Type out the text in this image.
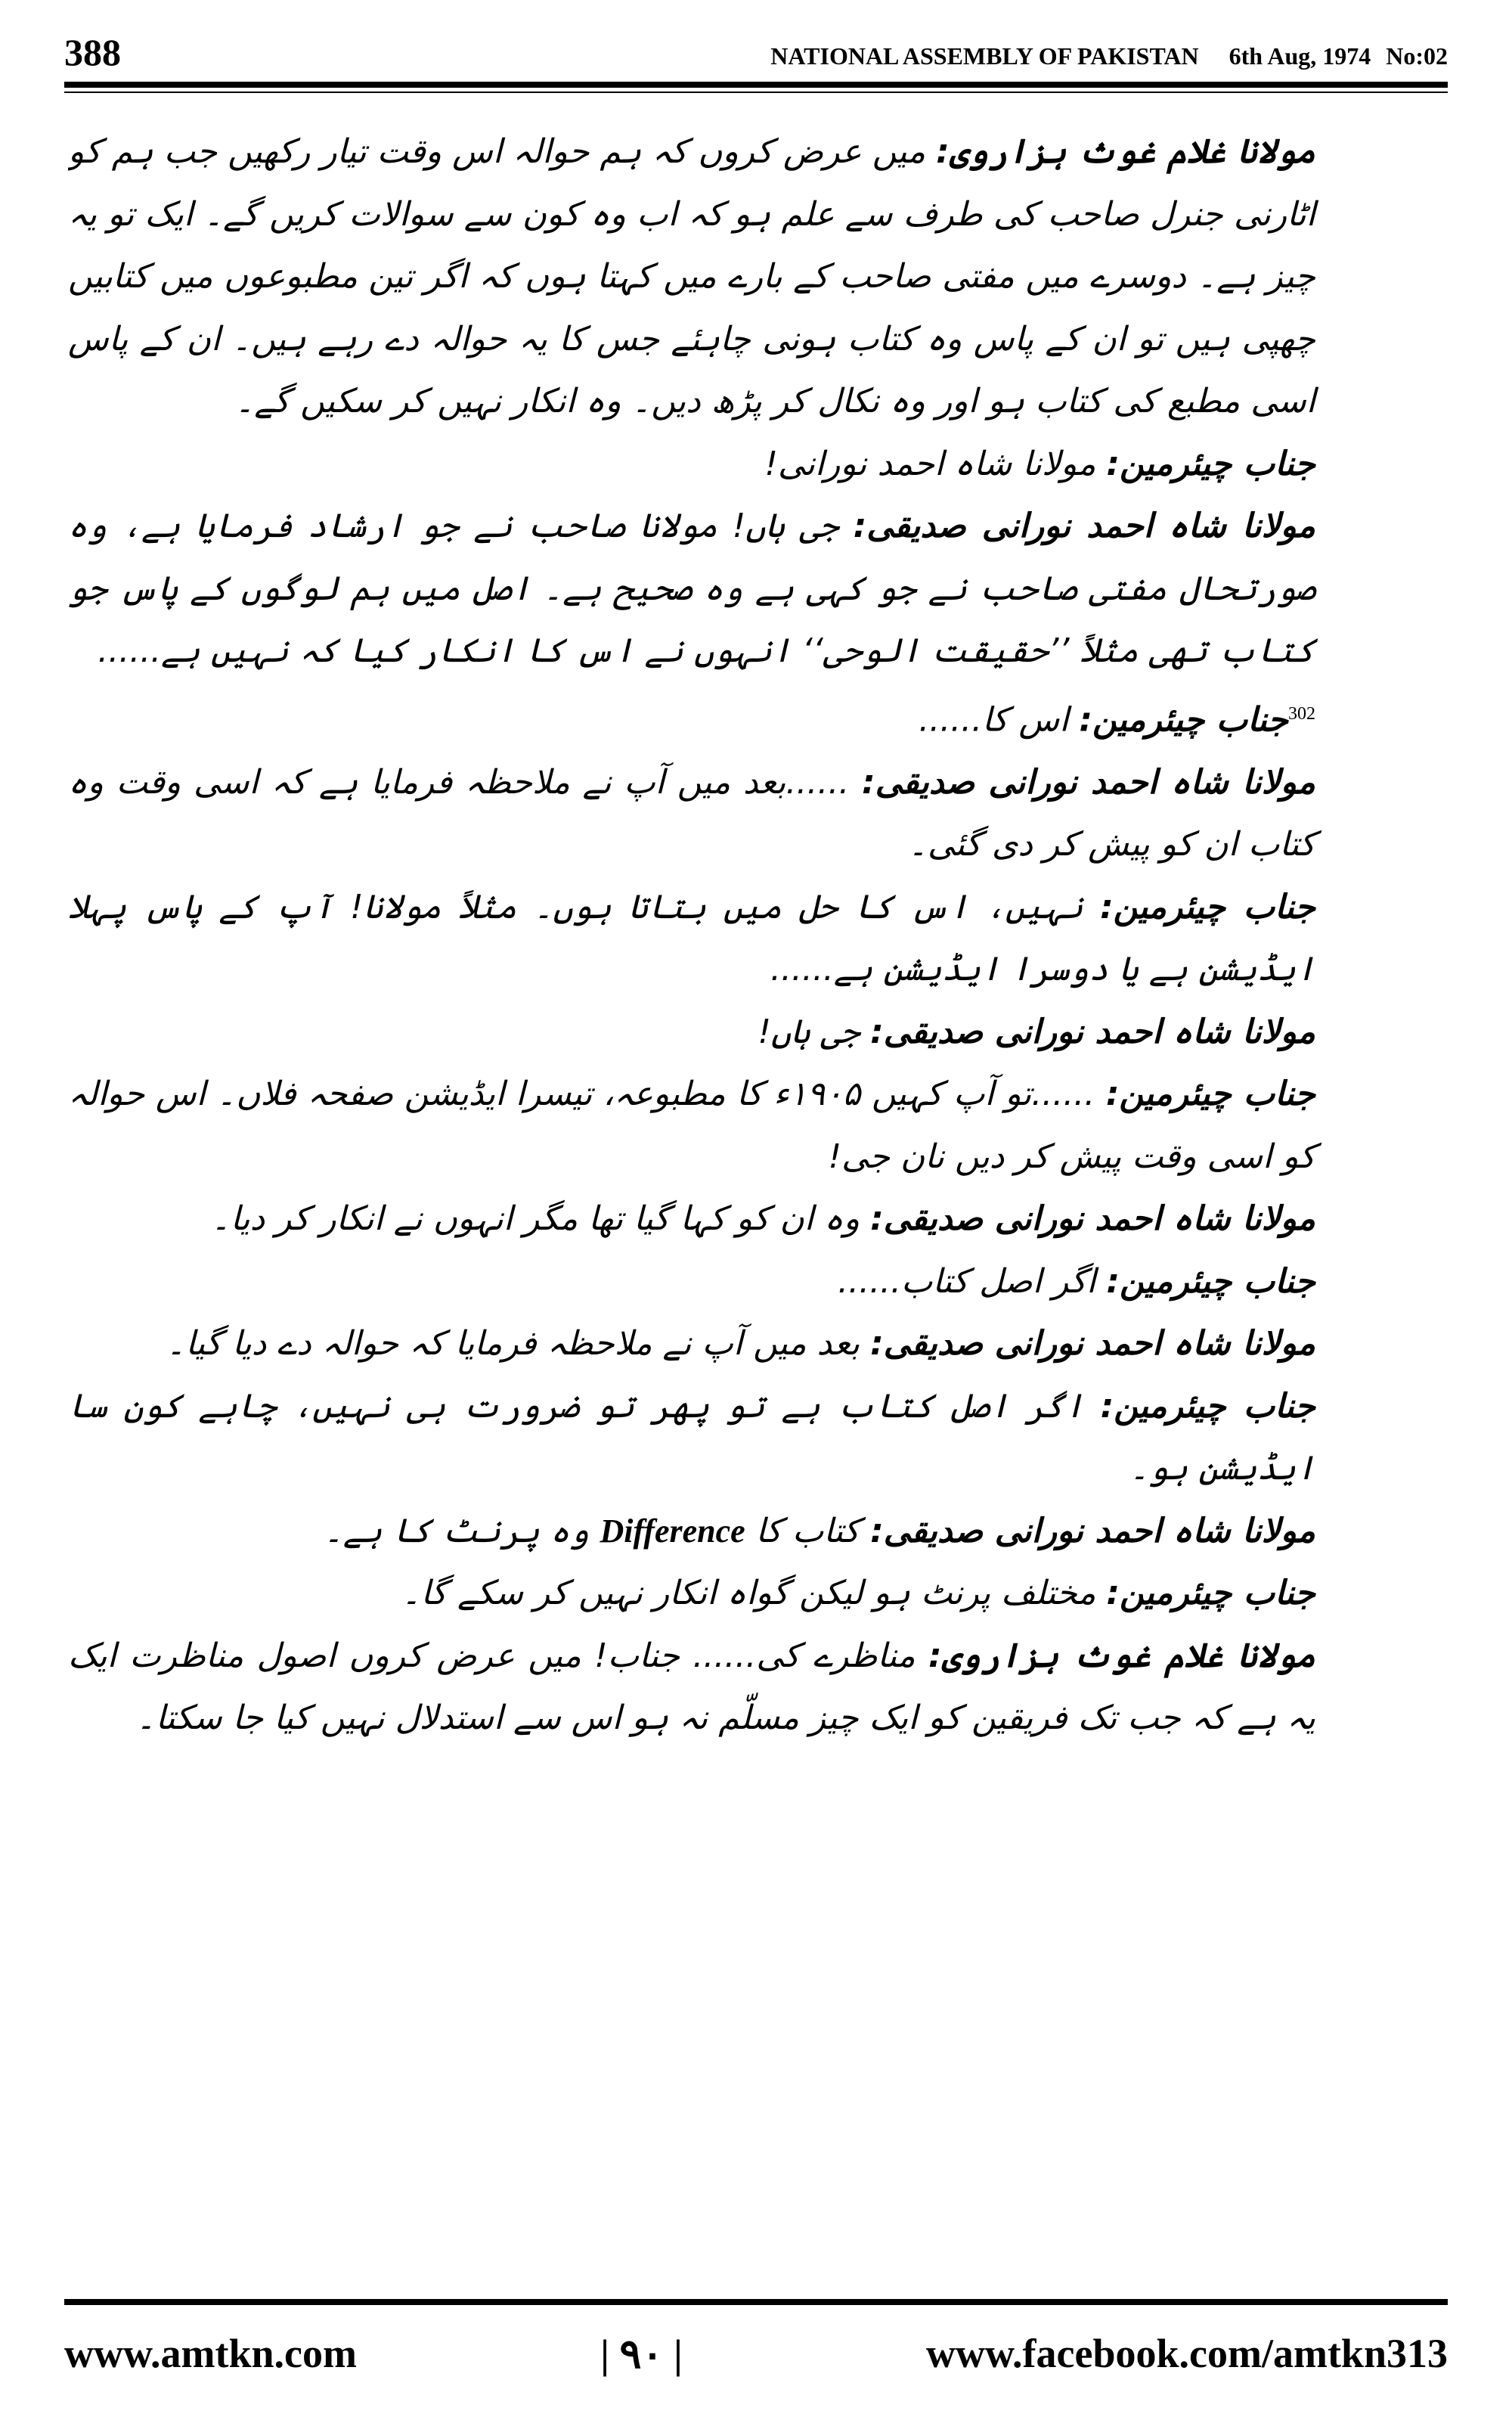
388	NATIONAL ASSEMBLY OF PAKISTAN 6th Aug, 1974 No:02

مولانا غلام غوث ہزاروی: میں عرض کروں کہ ہم حوالہ اس وقت تیار رکھیں جب ہم کو اٹارنی جنرل صاحب کی طرف سے علم ہو کہ اب وہ کون سے سوالات کریں گے۔ ایک تو یہ چیز ہے۔ دوسرے میں مفتی صاحب کے بارے میں کہتا ہوں کہ اگر تین مطبوعوں میں کتابیں چھپی ہیں تو ان کے پاس وہ کتاب ہونی چاہئے جس کا یہ حوالہ دے رہے ہیں۔ ان کے پاس اسی مطبع کی کتاب ہو اور وہ نکال کر پڑھ دیں۔ وہ انکار نہیں کر سکیں گے۔

جناب چیئرمین: مولانا شاہ احمد نورانی!

مولانا شاہ احمد نورانی صدیقی: جی ہاں! مولانا صاحب نے جو ارشاد فرمایا ہے، وہ صورتحال مفتی صاحب نے جو کہی ہے وہ صحیح ہے۔ اصل میں ہم لوگوں کے پاس جو کتاب تھی مثلاً ’’حقیقت الوحی‘‘ انہوں نے اس کا انکار کیا کہ نہیں ہے......

$^{302}$جناب چیئرمین: اس کا......

مولانا شاہ احمد نورانی صدیقی: ......بعد میں آپ نے ملاحظہ فرمایا ہے کہ اسی وقت وہ کتاب ان کو پیش کر دی گئی۔

جناب چیئرمین: نہیں، اس کا حل میں بتاتا ہوں۔ مثلاً مولانا! آپ کے پاس پہلا ایڈیشن ہے یا دوسرا ایڈیشن ہے......

مولانا شاہ احمد نورانی صدیقی: جی ہاں!

جناب چیئرمین: ......تو آپ کہیں ۱۹۰۵ء کا مطبوعہ، تیسرا ایڈیشن صفحہ فلاں۔ اس حوالہ کو اسی وقت پیش کر دیں نان جی!

مولانا شاہ احمد نورانی صدیقی: وہ ان کو کہا گیا تھا مگر انہوں نے انکار کر دیا۔

جناب چیئرمین: اگر اصل کتاب......

مولانا شاہ احمد نورانی صدیقی: بعد میں آپ نے ملاحظہ فرمایا کہ حوالہ دے دیا گیا۔

جناب چیئرمین: اگر اصل کتاب ہے تو پھر تو ضرورت ہی نہیں، چاہے کون سا ایڈیشن ہو۔

مولانا شاہ احمد نورانی صدیقی: کتاب کا Difference وہ پرنٹ کا ہے۔

جناب چیئرمین: مختلف پرنٹ ہو لیکن گواہ انکار نہیں کر سکے گا۔

مولانا غلام غوث ہزاروی: مناظرے کی...... جناب! میں عرض کروں اصول مناظرت ایک یہ ہے کہ جب تک فریقین کو ایک چیز مسلّم نہ ہو اس سے استدلال نہیں کیا جا سکتا۔

www.amtkn.com	| ۹۰ |	www.facebook.com/amtkn313
